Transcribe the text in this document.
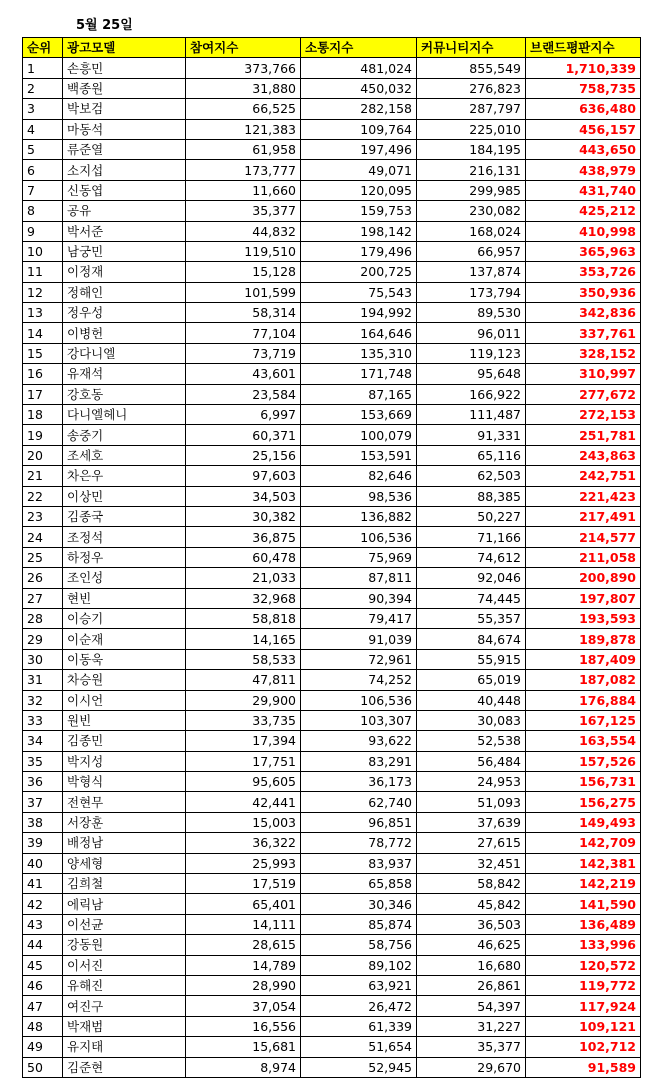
5월 25일
순위	광고모델	참여지수	소통지수	커뮤니티지수	브랜드평판지수
1	손흥민	373,766	481,024	855,549	1,710,339
2	백종원	31,880	450,032	276,823	758,735
3	박보검	66,525	282,158	287,797	636,480
4	마동석	121,383	109,764	225,010	456,157
5	류준열	61,958	197,496	184,195	443,650
6	소지섭	173,777	49,071	216,131	438,979
7	신동엽	11,660	120,095	299,985	431,740
8	공유	35,377	159,753	230,082	425,212
9	박서준	44,832	198,142	168,024	410,998
10	남궁민	119,510	179,496	66,957	365,963
11	이정재	15,128	200,725	137,874	353,726
12	정해인	101,599	75,543	173,794	350,936
13	정우성	58,314	194,992	89,530	342,836
14	이병헌	77,104	164,646	96,011	337,761
15	강다니엘	73,719	135,310	119,123	328,152
16	유재석	43,601	171,748	95,648	310,997
17	강호동	23,584	87,165	166,922	277,672
18	다니엘헤니	6,997	153,669	111,487	272,153
19	송중기	60,371	100,079	91,331	251,781
20	조세호	25,156	153,591	65,116	243,863
21	차은우	97,603	82,646	62,503	242,751
22	이상민	34,503	98,536	88,385	221,423
23	김종국	30,382	136,882	50,227	217,491
24	조정석	36,875	106,536	71,166	214,577
25	하정우	60,478	75,969	74,612	211,058
26	조인성	21,033	87,811	92,046	200,890
27	현빈	32,968	90,394	74,445	197,807
28	이승기	58,818	79,417	55,357	193,593
29	이순재	14,165	91,039	84,674	189,878
30	이동욱	58,533	72,961	55,915	187,409
31	차승원	47,811	74,252	65,019	187,082
32	이시언	29,900	106,536	40,448	176,884
33	원빈	33,735	103,307	30,083	167,125
34	김종민	17,394	93,622	52,538	163,554
35	박지성	17,751	83,291	56,484	157,526
36	박형식	95,605	36,173	24,953	156,731
37	전현무	42,441	62,740	51,093	156,275
38	서장훈	15,003	96,851	37,639	149,493
39	배정남	36,322	78,772	27,615	142,709
40	양세형	25,993	83,937	32,451	142,381
41	김희철	17,519	65,858	58,842	142,219
42	에릭남	65,401	30,346	45,842	141,590
43	이선균	14,111	85,874	36,503	136,489
44	강동원	28,615	58,756	46,625	133,996
45	이서진	14,789	89,102	16,680	120,572
46	유해진	28,990	63,921	26,861	119,772
47	여진구	37,054	26,472	54,397	117,924
48	박재범	16,556	61,339	31,227	109,121
49	유지태	15,681	51,654	35,377	102,712
50	김준현	8,974	52,945	29,670	91,589
